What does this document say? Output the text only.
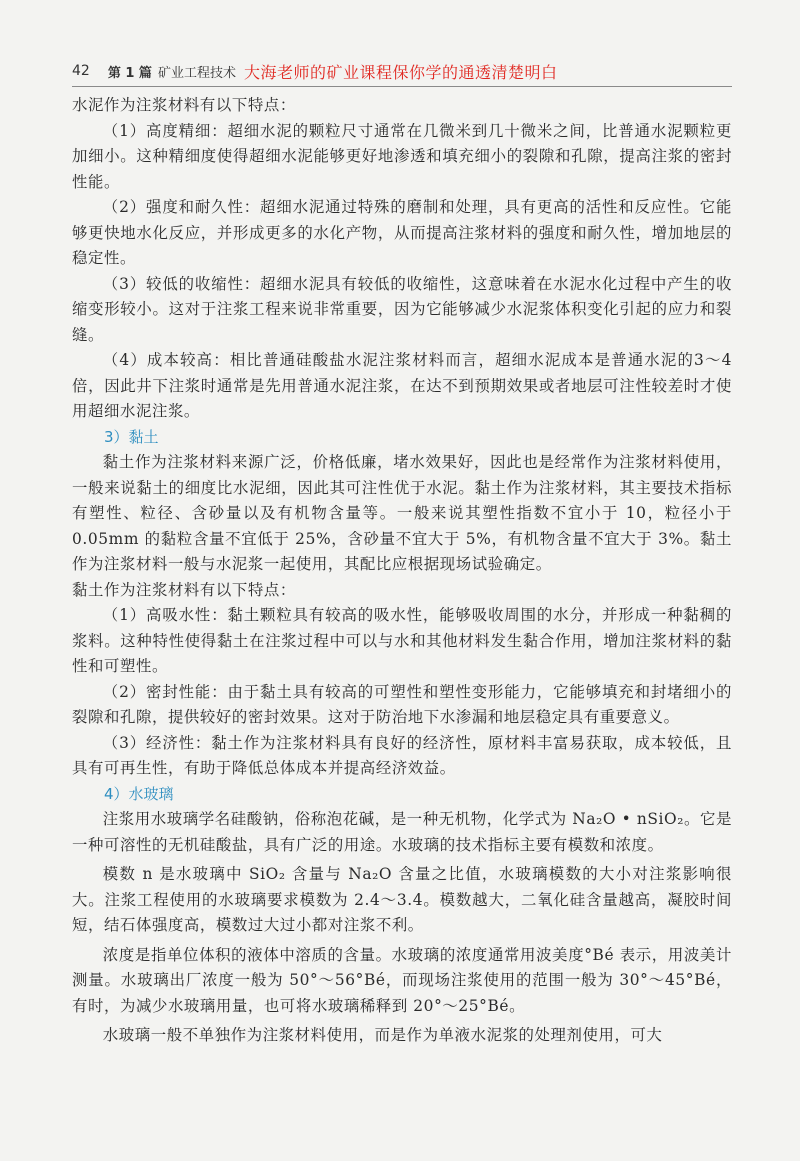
42 第 1 篇 矿业工程技术 大海老师的矿业课程保你学的通透清楚明白

水泥作为注浆材料有以下特点：

（1）高度精细：超细水泥的颗粒尺寸通常在几微米到几十微米之间，比普通水泥颗粒更加细小。这种精细度使得超细水泥能够更好地渗透和填充细小的裂隙和孔隙，提高注浆的密封性能。

（2）强度和耐久性：超细水泥通过特殊的磨制和处理，具有更高的活性和反应性。它能够更快地水化反应，并形成更多的水化产物，从而提高注浆材料的强度和耐久性，增加地层的稳定性。

（3）较低的收缩性：超细水泥具有较低的收缩性，这意味着在水泥水化过程中产生的收缩变形较小。这对于注浆工程来说非常重要，因为它能够减少水泥浆体积变化引起的应力和裂缝。

（4）成本较高：相比普通硅酸盐水泥注浆材料而言，超细水泥成本是普通水泥的3～4倍，因此井下注浆时通常是先用普通水泥注浆，在达不到预期效果或者地层可注性较差时才使用超细水泥注浆。

3）黏土

黏土作为注浆材料来源广泛，价格低廉，堵水效果好，因此也是经常作为注浆材料使用，一般来说黏土的细度比水泥细，因此其可注性优于水泥。黏土作为注浆材料，其主要技术指标有塑性、粒径、含砂量以及有机物含量等。一般来说其塑性指数不宜小于 10，粒径小于 0.05mm 的黏粒含量不宜低于 25%，含砂量不宜大于 5%，有机物含量不宜大于 3%。黏土作为注浆材料一般与水泥浆一起使用，其配比应根据现场试验确定。

黏土作为注浆材料有以下特点：

（1）高吸水性：黏土颗粒具有较高的吸水性，能够吸收周围的水分，并形成一种黏稠的浆料。这种特性使得黏土在注浆过程中可以与水和其他材料发生黏合作用，增加注浆材料的黏性和可塑性。

（2）密封性能：由于黏土具有较高的可塑性和塑性变形能力，它能够填充和封堵细小的裂隙和孔隙，提供较好的密封效果。这对于防治地下水渗漏和地层稳定具有重要意义。

（3）经济性：黏土作为注浆材料具有良好的经济性，原材料丰富易获取，成本较低，且具有可再生性，有助于降低总体成本并提高经济效益。

4）水玻璃

注浆用水玻璃学名硅酸钠，俗称泡花碱，是一种无机物，化学式为 Na₂O • nSiO₂。它是一种可溶性的无机硅酸盐，具有广泛的用途。水玻璃的技术指标主要有模数和浓度。

模数 n 是水玻璃中 SiO₂ 含量与 Na₂O 含量之比值，水玻璃模数的大小对注浆影响很大。注浆工程使用的水玻璃要求模数为 2.4～3.4。模数越大，二氧化硅含量越高，凝胶时间短，结石体强度高，模数过大过小都对注浆不利。

浓度是指单位体积的液体中溶质的含量。水玻璃的浓度通常用波美度°Bé 表示，用波美计测量。水玻璃出厂浓度一般为 50°～56°Bé，而现场注浆使用的范围一般为 30°～45°Bé，有时，为减少水玻璃用量，也可将水玻璃稀释到 20°～25°Bé。

水玻璃一般不单独作为注浆材料使用，而是作为单液水泥浆的处理剂使用，可大
